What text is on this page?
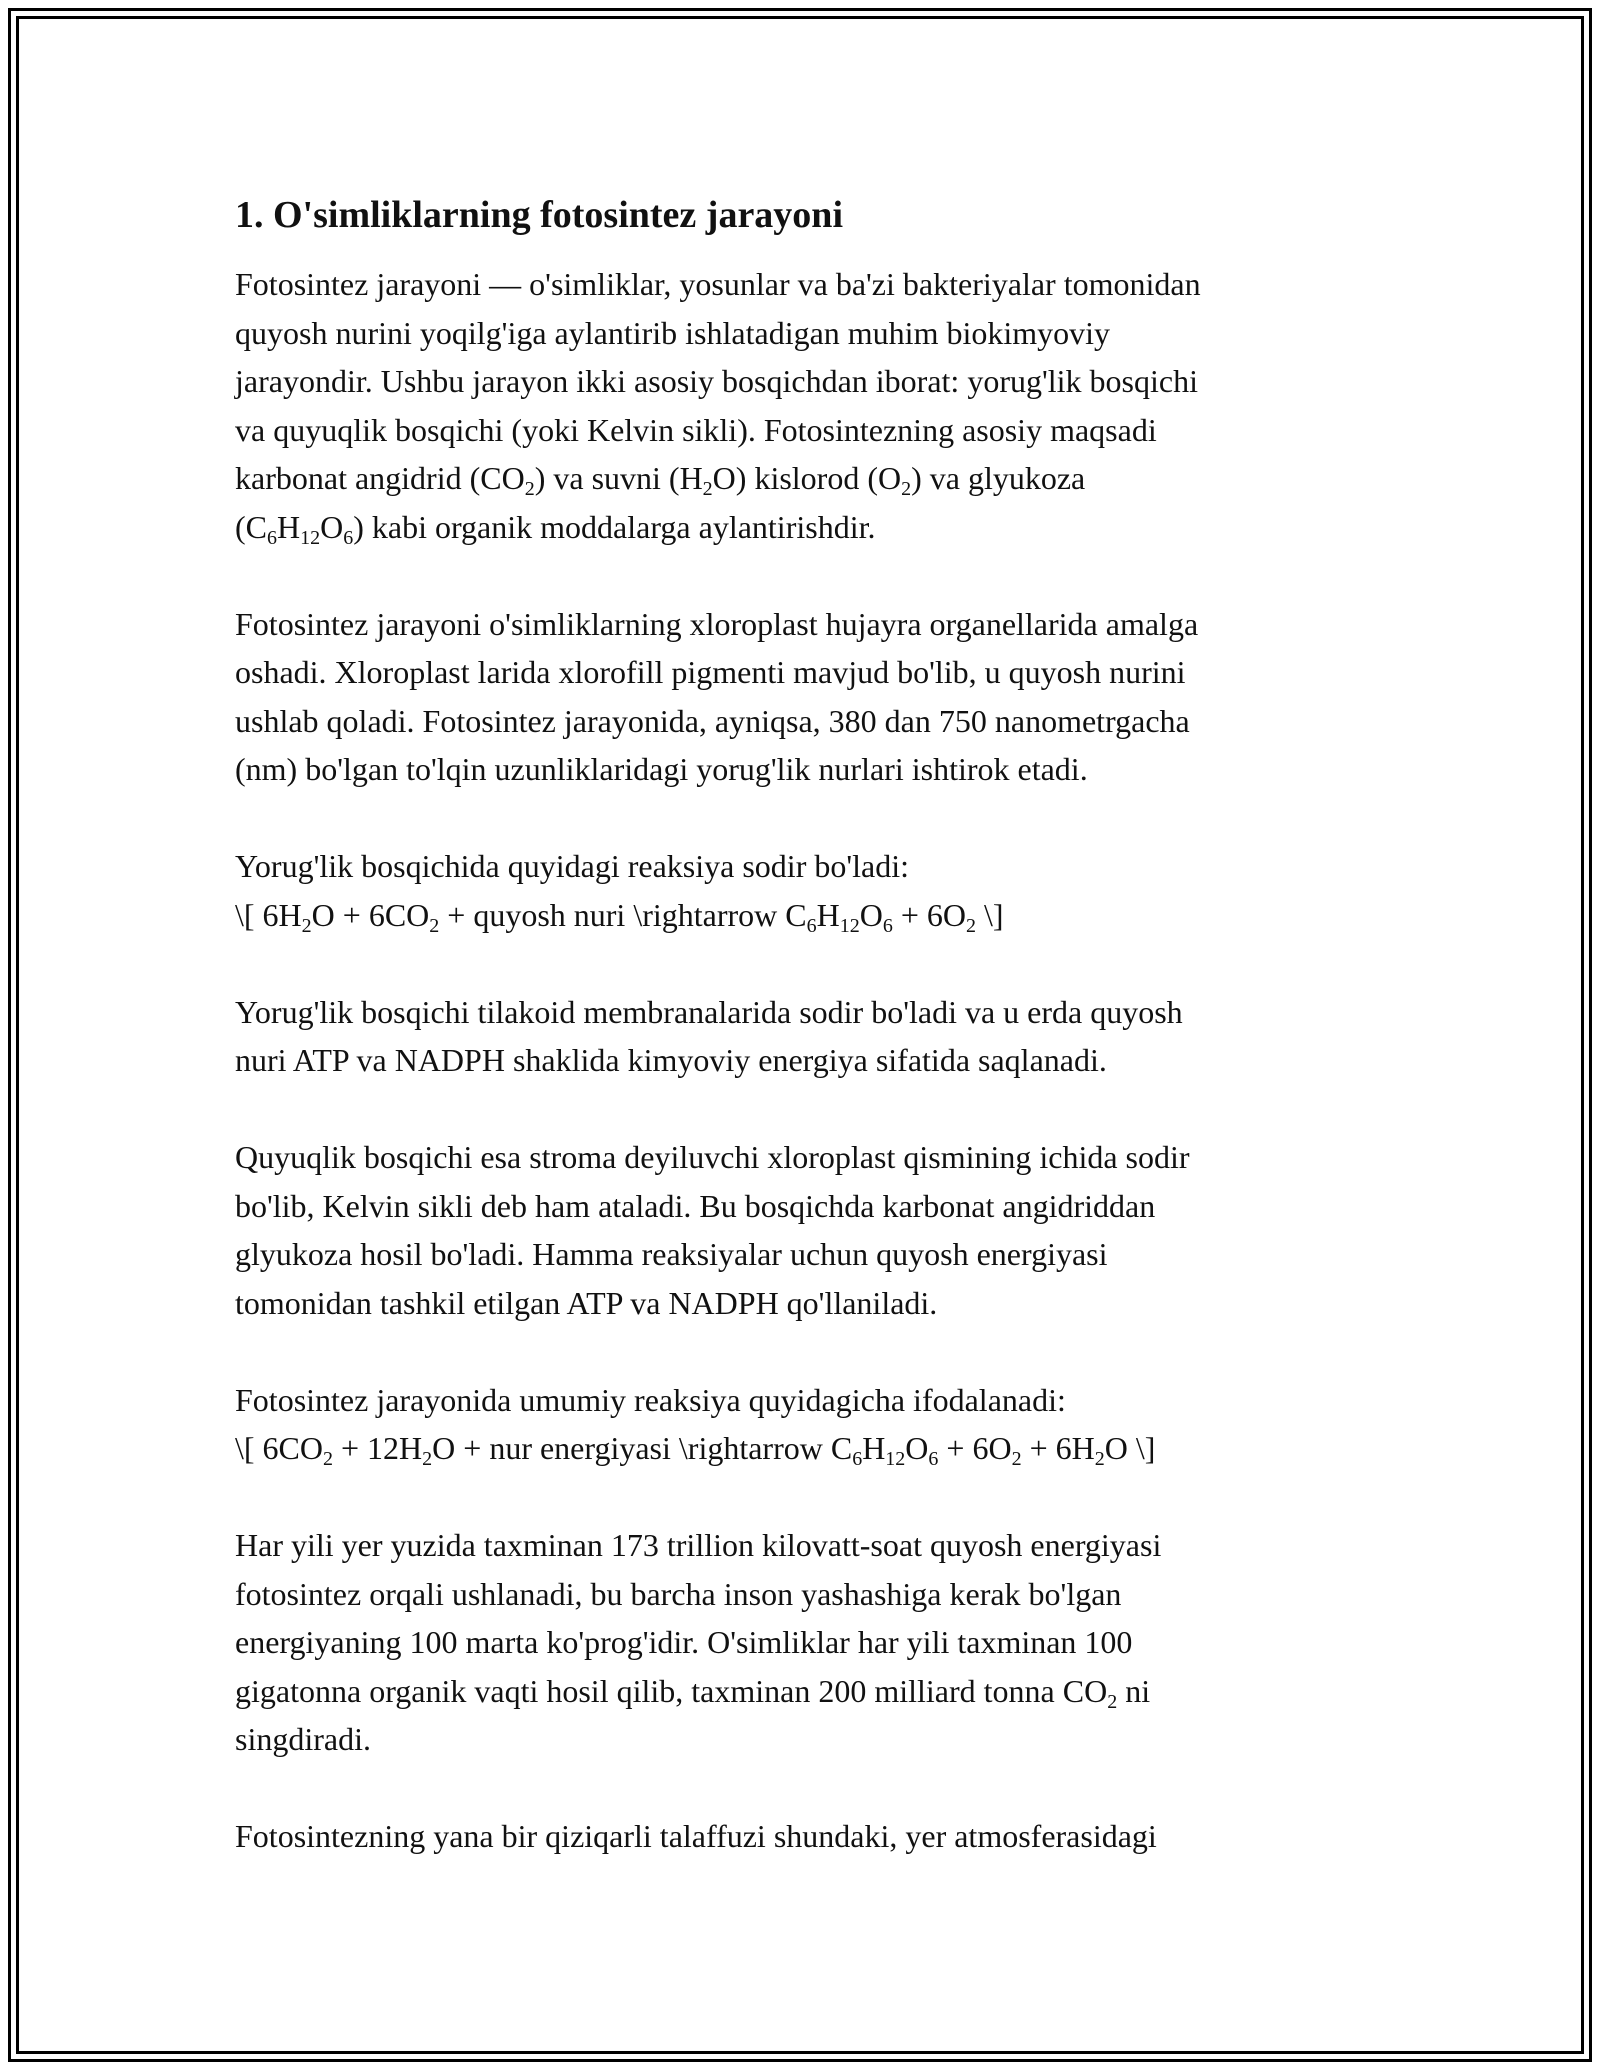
1. O'simliklarning fotosintez jarayoni

Fotosintez jarayoni — o'simliklar, yosunlar va ba'zi bakteriyalar tomonidan
quyosh nurini yoqilg'iga aylantirib ishlatadigan muhim biokimyoviy
jarayondir. Ushbu jarayon ikki asosiy bosqichdan iborat: yorug'lik bosqichi
va quyuqlik bosqichi (yoki Kelvin sikli). Fotosintezning asosiy maqsadi
karbonat angidrid $(CO_2)$ va suvni $(H_2O)$ kislorod $(O_2)$ va glyukoza
$(C_6H_{12}O_6)$ kabi organik moddalarga aylantirishdir.

Fotosintez jarayoni o'simliklarning xloroplast hujayra organellarida amalga
oshadi. Xloroplast larida xlorofill pigmenti mavjud bo'lib, u quyosh nurini
ushlab qoladi. Fotosintez jarayonida, ayniqsa, 380 dan 750 nanometrgacha
(nm) bo'lgan to'lqin uzunliklaridagi yorug'lik nurlari ishtirok etadi.

Yorug'lik bosqichida quyidagi reaksiya sodir bo'ladi:
\[ $6H_2O + 6CO_2$ + quyosh nuri \rightarrow $C_6H_{12}O_6 + 6O_2$ \]

Yorug'lik bosqichi tilakoid membranalarida sodir bo'ladi va u erda quyosh
nuri ATP va NADPH shaklida kimyoviy energiya sifatida saqlanadi.

Quyuqlik bosqichi esa stroma deyiluvchi xloroplast qismining ichida sodir
bo'lib, Kelvin sikli deb ham ataladi. Bu bosqichda karbonat angidriddan
glyukoza hosil bo'ladi. Hamma reaksiyalar uchun quyosh energiyasi
tomonidan tashkil etilgan ATP va NADPH qo'llaniladi.

Fotosintez jarayonida umumiy reaksiya quyidagicha ifodalanadi:
\[ $6CO_2 + 12H_2O$ + nur energiyasi \rightarrow $C_6H_{12}O_6 + 6O_2 + 6H_2O$ \]

Har yili yer yuzida taxminan 173 trillion kilovatt-soat quyosh energiyasi
fotosintez orqali ushlanadi, bu barcha inson yashashiga kerak bo'lgan
energiyaning 100 marta ko'prog'idir. O'simliklar har yili taxminan 100
gigatonna organik vaqti hosil qilib, taxminan 200 milliard tonna $CO_2$ ni
singdiradi.

Fotosintezning yana bir qiziqarli talaffuzi shundaki, yer atmosferasidagi
